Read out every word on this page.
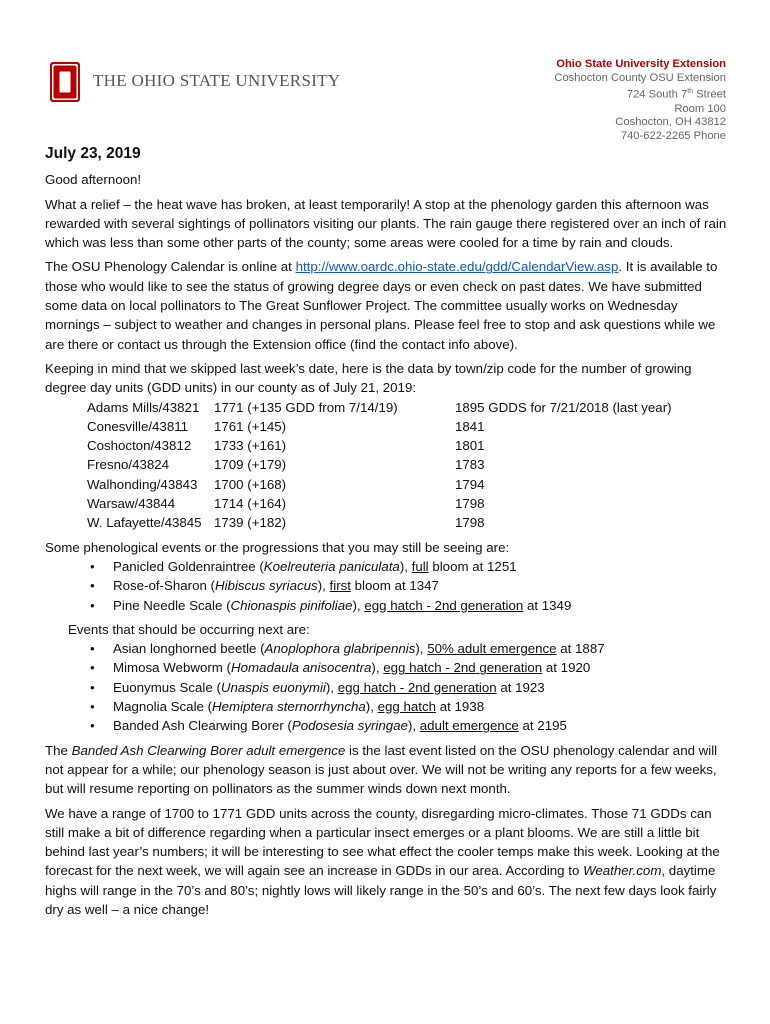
THE OHIO STATE UNIVERSITY
Ohio State University Extension
Coshocton County OSU Extension
724 South 7th Street
Room 100
Coshocton, OH 43812
740-622-2265 Phone

July 23, 2019

Good afternoon!

What a relief – the heat wave has broken, at least temporarily! A stop at the phenology garden this afternoon was rewarded with several sightings of pollinators visiting our plants. The rain gauge there registered over an inch of rain which was less than some other parts of the county; some areas were cooled for a time by rain and clouds.

The OSU Phenology Calendar is online at http://www.oardc.ohio-state.edu/gdd/CalendarView.asp. It is available to those who would like to see the status of growing degree days or even check on past dates. We have submitted some data on local pollinators to The Great Sunflower Project. The committee usually works on Wednesday mornings – subject to weather and changes in personal plans. Please feel free to stop and ask questions while we are there or contact us through the Extension office (find the contact info above).

Keeping in mind that we skipped last week’s date, here is the data by town/zip code for the number of growing degree day units (GDD units) in our county as of July 21, 2019:

Adams Mills/43821	1771 (+135 GDD from 7/14/19)	1895 GDDS for 7/21/2018 (last year)
Conesville/43811	1761 (+145)	1841
Coshocton/43812	1733 (+161)	1801
Fresno/43824	1709 (+179)	1783
Walhonding/43843	1700 (+168)	1794
Warsaw/43844	1714 (+164)	1798
W. Lafayette/43845	1739 (+182)	1798

Some phenological events or the progressions that you may still be seeing are:

• Panicled Goldenraintree (Koelreuteria paniculata), full bloom at 1251
• Rose-of-Sharon (Hibiscus syriacus), first bloom at 1347
• Pine Needle Scale (Chionaspis pinifoliae), egg hatch - 2nd generation at 1349

Events that should be occurring next are:

• Asian longhorned beetle (Anoplophora glabripennis), 50% adult emergence at 1887
• Mimosa Webworm (Homadaula anisocentra), egg hatch - 2nd generation at 1920
• Euonymus Scale (Unaspis euonymii), egg hatch - 2nd generation at 1923
• Magnolia Scale (Hemiptera sternorrhyncha), egg hatch at 1938
• Banded Ash Clearwing Borer (Podosesia syringae), adult emergence at 2195

The Banded Ash Clearwing Borer adult emergence is the last event listed on the OSU phenology calendar and will not appear for a while; our phenology season is just about over. We will not be writing any reports for a few weeks, but will resume reporting on pollinators as the summer winds down next month.

We have a range of 1700 to 1771 GDD units across the county, disregarding micro-climates. Those 71 GDDs can still make a bit of difference regarding when a particular insect emerges or a plant blooms. We are still a little bit behind last year’s numbers; it will be interesting to see what effect the cooler temps make this week. Looking at the forecast for the next week, we will again see an increase in GDDs in our area. According to Weather.com, daytime highs will range in the 70’s and 80’s; nightly lows will likely range in the 50’s and 60’s. The next few days look fairly dry as well – a nice change!
